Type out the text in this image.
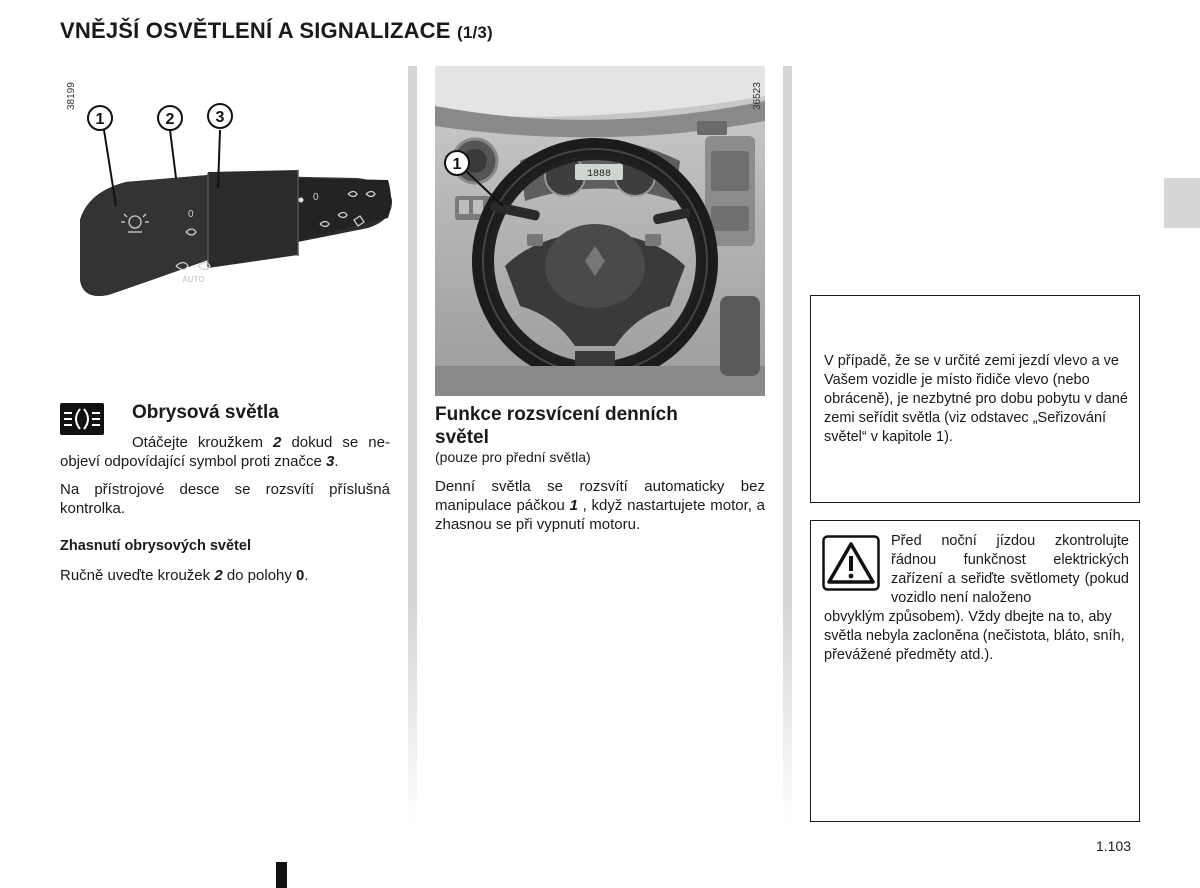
VNĚJŠÍ OSVĚTLENÍ A SIGNALIZACE (1/3)
38199
0
0
AUTO
1	2	3
1888
1
36523
Obrysová světla
Otáčejte kroužkem 2 dokud se ne-objeví odpovídající symbol proti značce 3.
Na přístrojové desce se rozsvítí příslušná kontrolka.
Zhasnutí obrysových světel
Ručně uveďte kroužek 2 do polohy 0.
Funkce rozsvícení denních
světel
(pouze pro přední světla)
Denní světla se rozsvítí automaticky bez manipulace páčkou 1 , když nastartujete motor, a zhasnou se při vypnutí motoru.
V případě, že se v určité zemi jezdí vlevo a ve Vašem vozidle je místo řidiče vlevo (nebo obráceně), je nezbytné pro dobu pobytu v dané zemi seřídit světla (viz odstavec „Seřizování světel“ v kapitole 1).
Před noční jízdou zkontrolujte řádnou funkčnost elektrických zařízení a seřiďte světlomety (pokud vozidlo není naloženo
obvyklým způsobem). Vždy dbejte na to, aby světla nebyla zacloněna (nečistota, bláto, sníh, převážené předměty atd.).
1.103
